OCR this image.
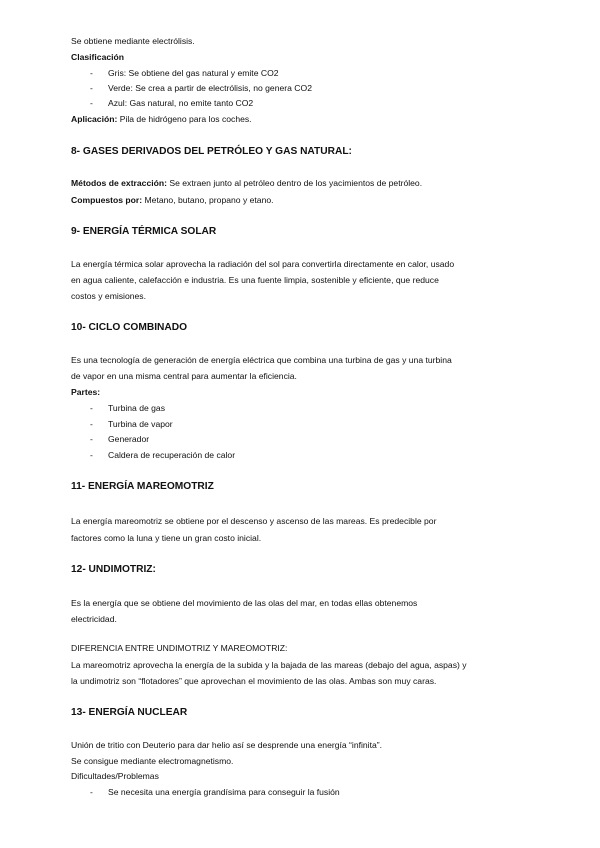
Se obtiene mediante electrólisis.
Clasificación
- Gris: Se obtiene del gas natural y emite CO2
- Verde: Se crea a partir de electrólisis, no genera CO2
- Azul: Gas natural, no emite tanto CO2
Aplicación: Pila de hidrógeno para los coches.
8- GASES DERIVADOS DEL PETRÓLEO Y GAS NATURAL:
Métodos de extracción: Se extraen junto al petróleo dentro de los yacimientos de petróleo.
Compuestos por: Metano, butano, propano y etano.
9- ENERGÍA TÉRMICA SOLAR
La energía térmica solar aprovecha la radiación del sol para convertirla directamente en calor, usado
en agua caliente, calefacción e industria. Es una fuente limpia, sostenible y eficiente, que reduce
costos y emisiones.
10- CICLO COMBINADO
Es una tecnología de generación de energía eléctrica que combina una turbina de gas y una turbina
de vapor en una misma central para aumentar la eficiencia.
Partes:
- Turbina de gas
- Turbina de vapor
- Generador
- Caldera de recuperación de calor
11- ENERGÍA MAREOMOTRIZ
La energía mareomotriz se obtiene por el descenso y ascenso de las mareas. Es predecible por
factores como la luna y tiene un gran costo inicial.
12- UNDIMOTRIZ:
Es la energía que se obtiene del movimiento de las olas del mar, en todas ellas obtenemos
electricidad.
DIFERENCIA ENTRE UNDIMOTRIZ Y MAREOMOTRIZ:
La mareomotriz aprovecha la energía de la subida y la bajada de las mareas (debajo del agua, aspas) y
la undimotriz son “flotadores” que aprovechan el movimiento de las olas. Ambas son muy caras.
13- ENERGÍA NUCLEAR
Unión de tritio con Deuterio para dar helio así se desprende una energía “infinita”.
Se consigue mediante electromagnetismo.
Dificultades/Problemas
- Se necesita una energía grandísima para conseguir la fusión
